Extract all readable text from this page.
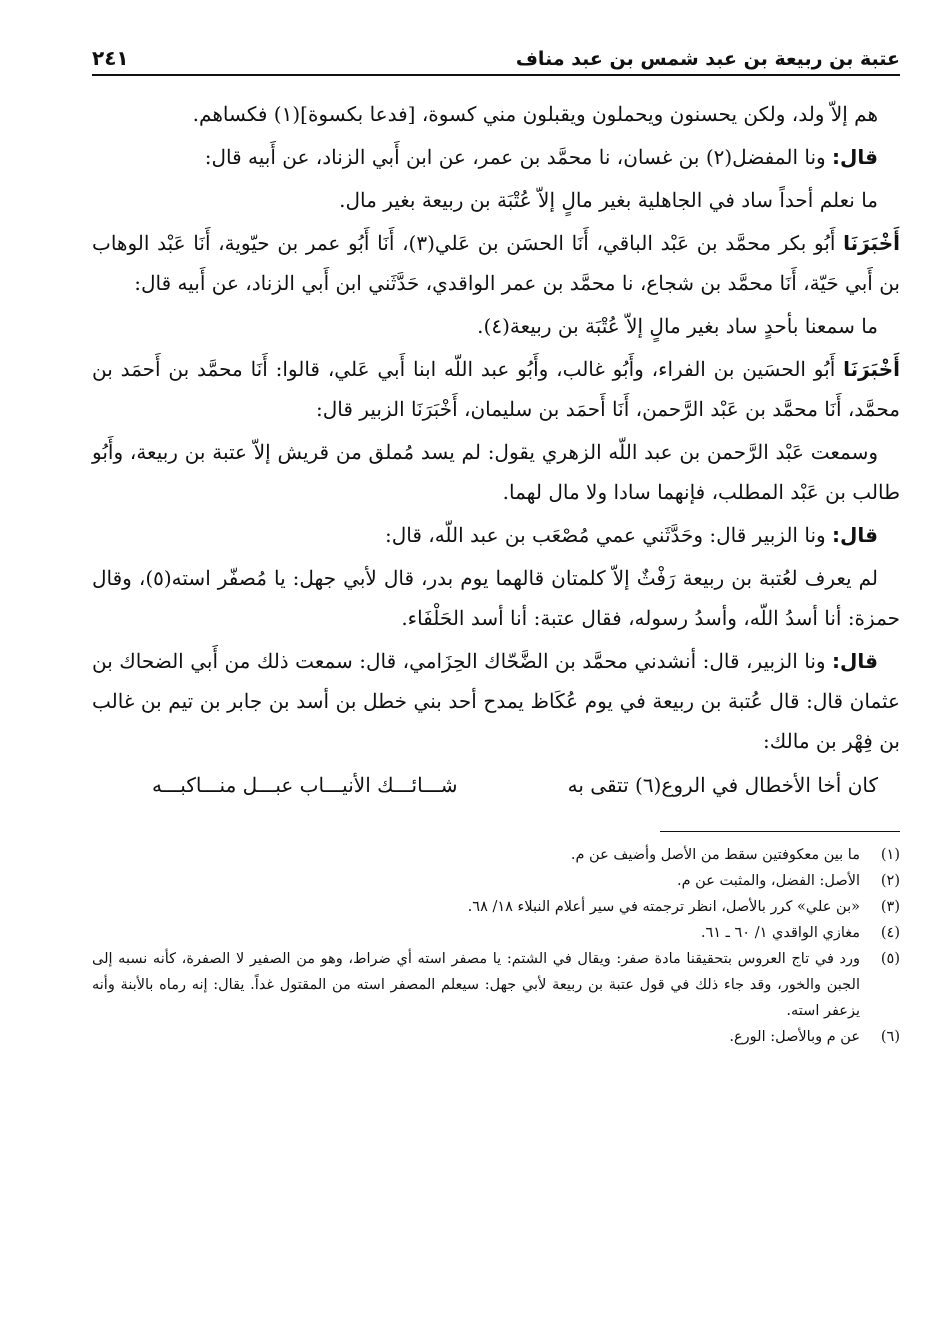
عتبة بن ربيعة بن عبد شمس بن عبد مناف
٢٤١

هم إلاّ ولد، ولكن يحسنون ويحملون ويقبلون مني كسوة، [فدعا بكسوة](١) فكساهم.

قال: ونا المفضل(٢) بن غسان، نا محمَّد بن عمر، عن ابن أَبي الزناد، عن أَبيه قال:

ما نعلم أحداً ساد في الجاهلية بغير مالٍ إلاّ عُتْبَة بن ربيعة بغير مال.

أَخْبَرَنَا أَبُو بكر محمَّد بن عَبْد الباقي، أَنَا الحسَن بن عَلي(٣)، أَنَا أَبُو عمر بن حيّوية، أَنَا عَبْد الوهاب بن أَبي حَيّة، أَنَا محمَّد بن شجاع، نا محمَّد بن عمر الواقدي، حَدَّثَني ابن أَبي الزناد، عن أَبيه قال:

ما سمعنا بأحدٍ ساد بغير مالٍ إلاّ عُتْبَة بن ربيعة(٤).

أَخْبَرَنَا أَبُو الحسَين بن الفراء، وأَبُو غالب، وأَبُو عبد اللّه ابنا أَبي عَلي، قالوا: أَنَا محمَّد بن أَحمَد بن محمَّد، أَنَا محمَّد بن عَبْد الرَّحمن، أَنَا أَحمَد بن سليمان، أَخْبَرَنَا الزبير قال:

وسمعت عَبْد الرَّحمن بن عبد اللّه الزهري يقول: لم يسد مُملق من قريش إلاّ عتبة بن ربيعة، وأَبُو طالب بن عَبْد المطلب، فإنهما سادا ولا مال لهما.

قال: ونا الزبير قال: وحَدَّثَني عمي مُصْعَب بن عبد اللّه، قال:

لم يعرف لعُتبة بن ربيعة رَفْثٌ إلاّ كلمتان قالهما يوم بدر، قال لأبي جهل: يا مُصفّر استه(٥)، وقال حمزة: أنا أسدُ اللّه، وأسدُ رسوله، فقال عتبة: أنا أسد الحَلْفَاء.

قال: ونا الزبير، قال: أنشدني محمَّد بن الضَّحّاك الحِزَامي، قال: سمعت ذلك من أَبي الضحاك بن عثمان قال: قال عُتبة بن ربيعة في يوم عُكَاظ يمدح أحد بني خطل بن أسد بن جابر بن تيم بن غالب بن فِهْر بن مالك:

كان أخا الأخطال في الروع(٦) تتقى به
شـــائـــك الأنيـــاب عبـــل منـــاكبـــه
(١)
ما بين معكوفتين سقط من الأصل وأضيف عن م.
(٢)
الأصل: الفضل، والمثبت عن م.
(٣)
«بن علي» كرر بالأصل، انظر ترجمته في سير أعلام النبلاء ١٨/ ٦٨.
(٤)
مغازي الواقدي ١/ ٦٠ ـ ٦١.
(٥)
ورد في تاج العروس بتحقيقنا مادة صفر: ويقال في الشتم: يا مصفر استه أي ضراط، وهو من الصفير لا الصفرة، كأنه نسبه إلى الجبن والخور، وقد جاء ذلك في قول عتبة بن ربيعة لأبي جهل: سيعلم المصفر استه من المقتول غداً. يقال: إنه رماه بالأبنة وأنه يزعفر استه.
(٦)
عن م وبالأصل: الورع.
